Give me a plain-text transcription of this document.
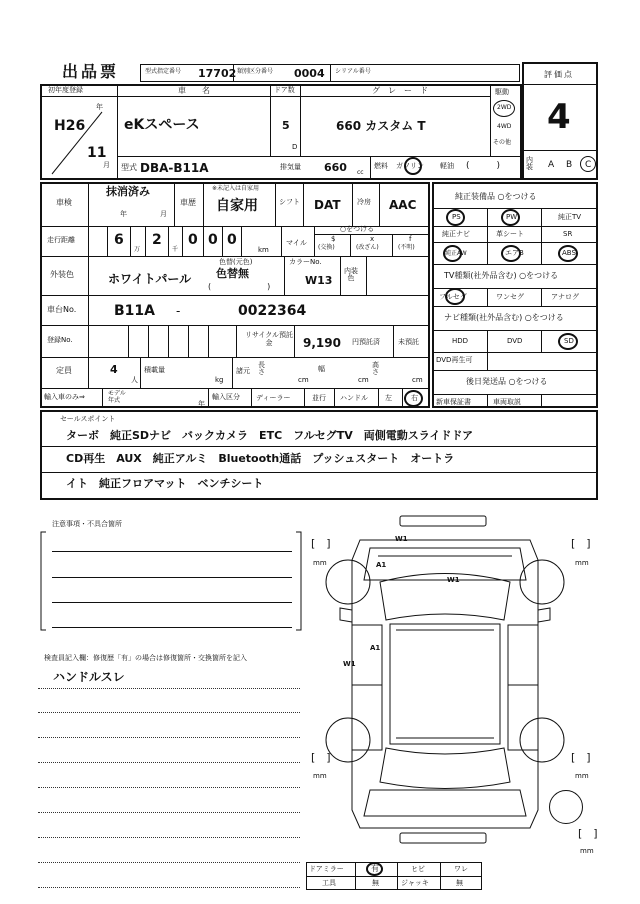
出品票	型式指定番号 17702 類別区分番号 0004 シリアル番号	評価点
4
内装 A B C
初年度登録
年
H26
11
月
車　　名
eKスペース
型式 DBA-B11A
ドア数
5
D
グ　レ　ー　ド
660 カスタム T
排気量 660 cc
燃料 ガソリン 軽油 (　　　)
駆動
2WD
4WD
その他
車検
抹消済み
年	月
車歴
※未記入は自家用
自家用	シフト DAT 冷房 AAC
走行距離	6
万
2
千
0 0 0
km
マイル
○をつける
$
(交換)
x
(改ざん)
f
(不明)
外装色	ホワイトパール
色替(元色)
色替無
(　　　　　　　)
カラーNo.
W13
内装色
車台No.	B11A -	0022364
登録No.
リサイクル預託金	9,190 円預託済	未預託
定員	4
人
積載量
kg
諸元
長さ
cm
幅
cm
高さ
cm
輸入車のみ⇒	モデル年式	年
輸入区分 ディーラー	並行 ハンドル 左	右
純正装備品 ○をつける
PS	PW	純正TV
純正ナビ	革シート	SR
純正AW	エアB	ABS
TV種類(社外品含む) ○をつける
フルセグ	ワンセグ	アナログ
ナビ種類(社外品含む) ○をつける
HDD	DVD	SD
DVD再生可
後日発送品 ○をつける
新車保証書	車両取説
セールスポイント
ターボ　純正SDナビ　バックカメラ　ETC　フルセグTV　両側電動スライドドア
CD再生　AUX　純正アルミ　Bluetooth通話　プッシュスタート　オートラ
イト　純正フロアマット　ベンチシート
注意事項・不具合箇所
検査員記入欄：修復歴「有」の場合は修復箇所・交換箇所を記入
ハンドルスレ
W1
W1
A1
A1
W1
[　]
mm
[　]
mm
[　]
mm
[　]
mm
[　]
mm
ドアミラー	有	ヒビ	ワレ
工具	無	ジャッキ	無
